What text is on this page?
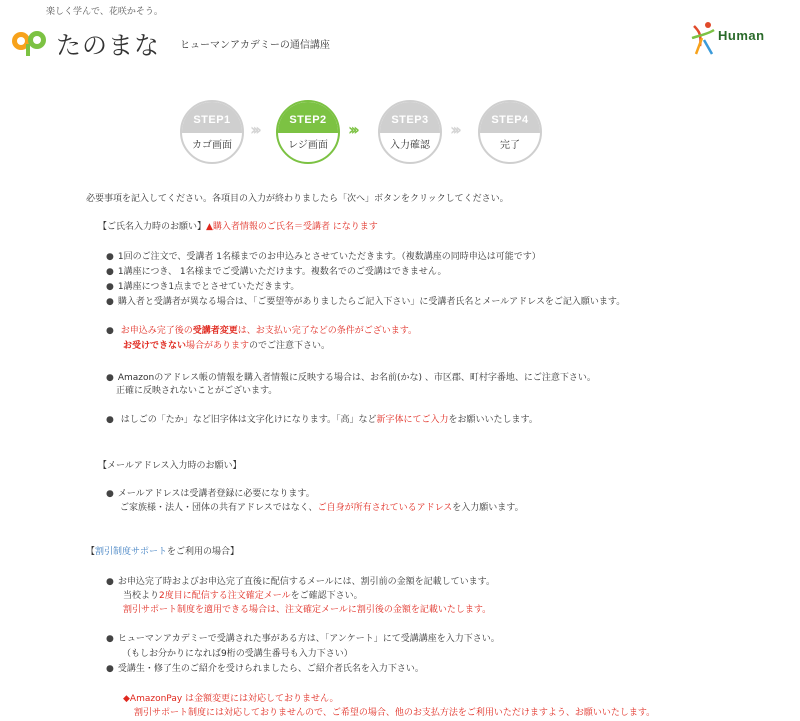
楽しく学んで、花咲かそう。
たのまな ヒューマンアカデミーの通信講座
Human
STEP1
カゴ画面
›››	STEP2
レジ画面
›››	STEP3
入力確認
›››	STEP4
完了
必要事項を記入してください。各項目の入力が終わりましたら「次へ」ボタンをクリックしてください。
【ご氏名入力時のお願い】▲購入者情報のご氏名＝受講者 になります
● 1回のご注文で、受講者 1名様までのお申込みとさせていただきます。（複数講座の同時申込は可能です）
● 1講座につき、 1名様までご受講いただけます。複数名でのご受講はできません。
● 1講座につき1点までとさせていただきます。
● 購入者と受講者が異なる場合は、「ご要望等がありましたらご記入下さい」に受講者氏名とメールアドレスをご記入願います。
● お申込み完了後の受講者変更は、お支払い完了などの条件がございます。
お受けできない場合がありますのでご注意下さい。
● Amazonのアドレス帳の情報を購入者情報に反映する場合は、お名前(かな) 、市区郡、町村字番地、にご注意下さい。
正確に反映されないことがございます。
● はしごの「たか」など旧字体は文字化けになります。「高」など新字体にてご入力をお願いいたします。
【メールアドレス入力時のお願い】
● メールアドレスは受講者登録に必要になります。
ご家族様・法人・団体の共有アドレスではなく、ご自身が所有されているアドレスを入力願います。
【割引制度サポートをご利用の場合】
● お申込完了時およびお申込完了直後に配信するメールには、割引前の金額を記載しています。
当校より2度目に配信する注文確定メールをご確認下さい。
割引サポート制度を適用できる場合は、注文確定メールに割引後の金額を記載いたします。
● ヒューマンアカデミーで受講された事がある方は、「アンケート」にて受講講座を入力下さい。
（もしお分かりになれば9桁の受講生番号も入力下さい）
● 受講生・修了生のご紹介を受けられましたら、ご紹介者氏名を入力下さい。
◆AmazonPay は金額変更には対応しておりません。
割引サポート制度には対応しておりませんので、ご希望の場合、他のお支払方法をご利用いただけますよう、お願いいたします。
